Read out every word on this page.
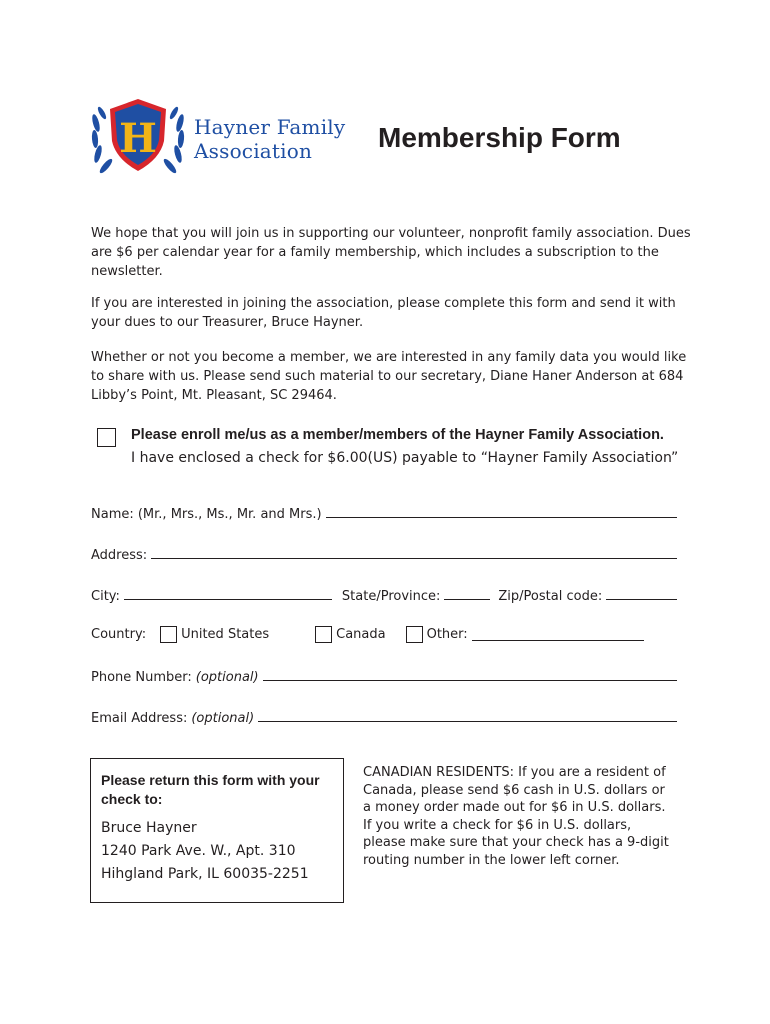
H Hayner Family
Association Membership Form
We hope that you will join us in supporting our volunteer, nonprofit family association. Dues are $6 per calendar year for a family membership, which includes a subscription to the newsletter.
If you are interested in joining the association, please complete this form and send it with your dues to our Treasurer, Bruce Hayner.
Whether or not you become a member, we are interested in any family data you would like to share with us. Please send such material to our secretary, Diane Haner Anderson at 684 Libby’s Point, Mt. Pleasant, SC 29464.
Please enroll me/us as a member/members of the Hayner Family Association.
I have enclosed a check for $6.00(US) payable to “Hayner Family Association”
Name: (Mr., Mrs., Ms., Mr. and Mrs.)
Address:
City:	State/Province:	Zip/Postal code:
Country:	United States	Canada	Other:
Phone Number: (optional)
Email Address: (optional)
Please return this form with your check to:
Bruce Hayner
1240 Park Ave. W., Apt. 310
Hihgland Park, IL 60035-2251
CANADIAN RESIDENTS: If you are a resident of Canada, please send $6 cash in U.S. dollars or a money order made out for $6 in U.S. dollars. If you write a check for $6 in U.S. dollars, please make sure that your check has a 9-digit routing number in the lower left corner.
